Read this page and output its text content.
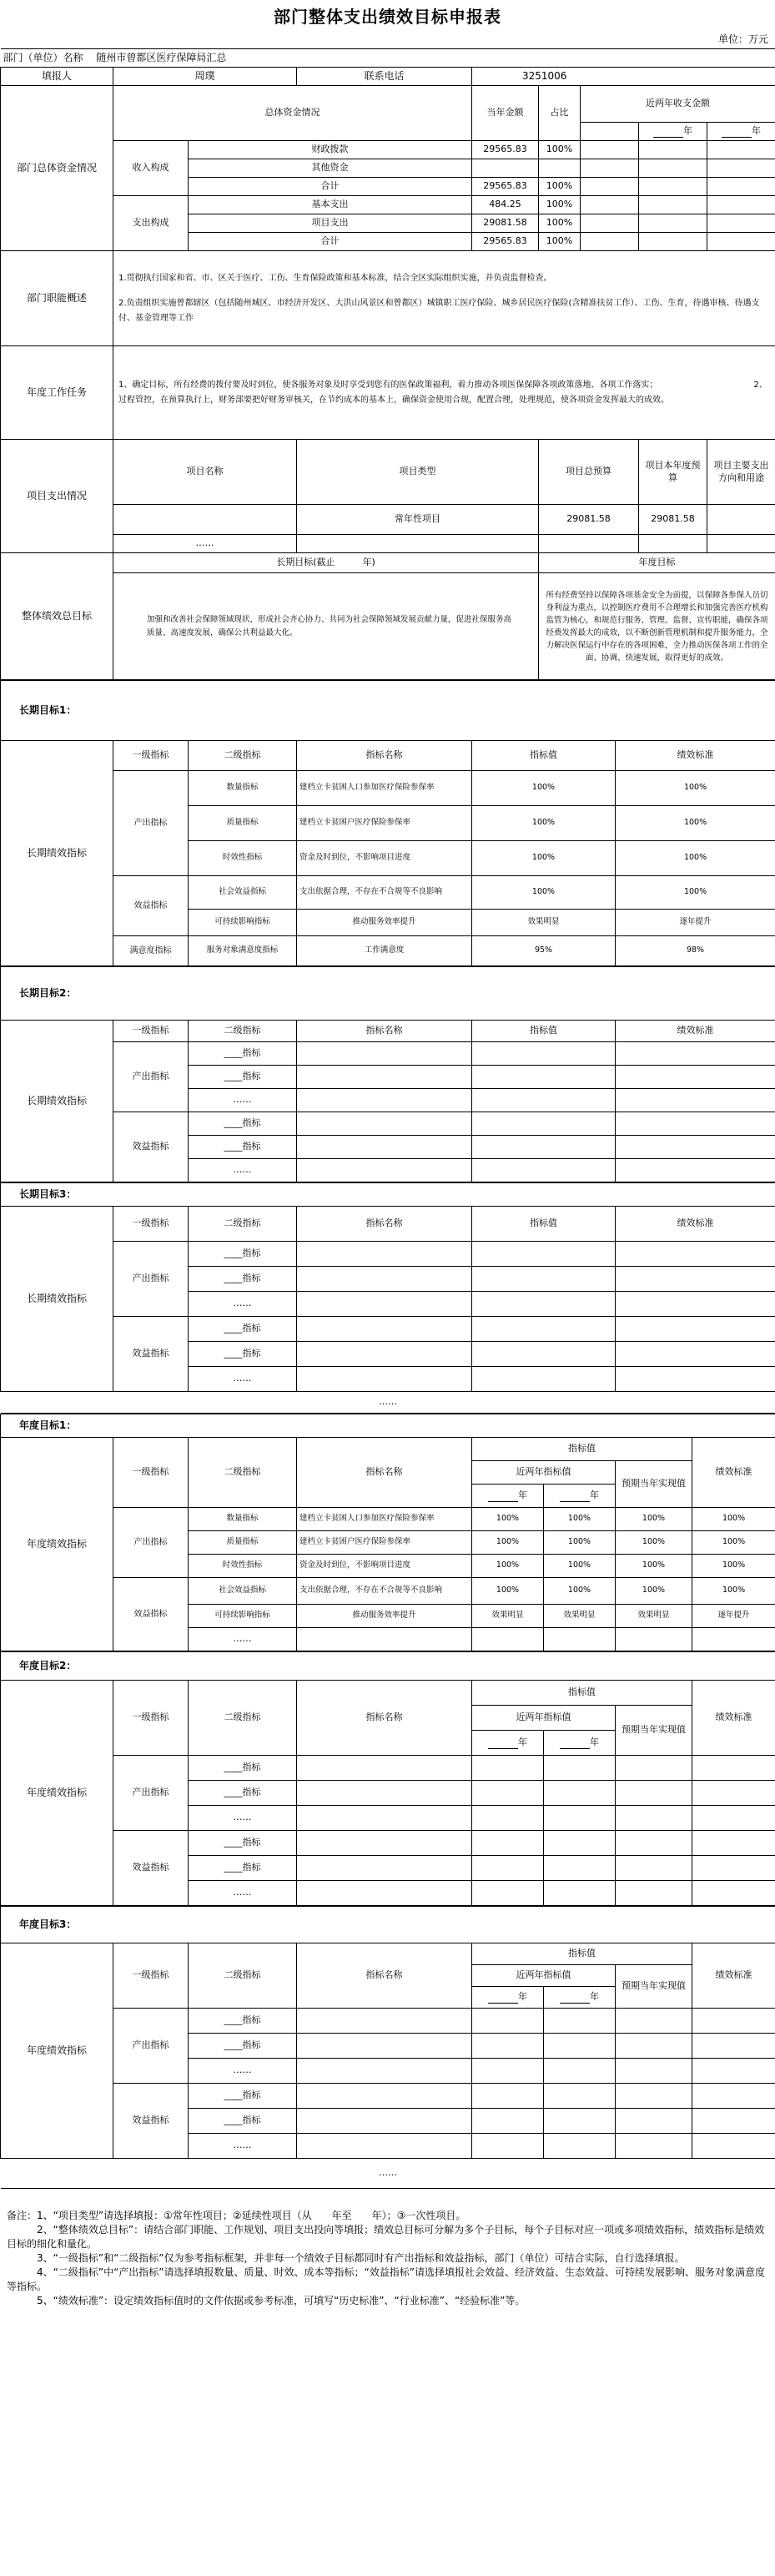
部门整体支出绩效目标申报表
单位：万元
部门（单位）名称　 随州市曾都区医疗保障局汇总								
填报人	周璞		联系电话	3251006				
部门总体资金情况	总体资金情况			当年金额	占比	近两年收支金额		
							年	年
	收入构成	财政拨款		29565.83	100%			
		其他资金						
		合计		29565.83	100%			
	支出构成	基本支出		484.25	100%			
		项目支出		29081.58	100%			
		合计		29565.83	100%			
部门职能概述	1.贯彻执行国家和省、市、区关于医疗、工伤、生育保险政策和基本标准，结合全区实际组织实施，并负责监督检查。

2.负责组织实施曾都辖区（包括随州城区、市经济开发区、大洪山风景区和曾都区）城镇职工医疗保险、城乡居民医疗保险(含精准扶贫工作）、工伤、生育，待遇审核、待遇支付、基金管理等工作							

年度工作任务	1、确定目标，所有经费的拨付要及时到位，使各服务对象及时享受到您有的医保政策福利，着力推动各项医保保障各项政策落地、各项工作落实；　　　　　　　　　　　　2、过程管控，在预算执行上，财务部要把好财务审核关，在节约成本的基本上，确保资金使用合规，配置合理，处理规范，使各项资金发挥最大的成效。							
项目支出情况	项目名称		项目类型		项目总预算		项目本年度预算	项目主要支出方向和用途
			常年性项目		29081.58		29081.58	
	……							
整体绩效总目标	长期目标(截止　　　年)				年度目标			
	加强和改善社会保障领域现状，形成社会齐心协力、共同为社会保障领域发展贡献力量，促进社保服务高质量、高速度发展，确保公共利益最大化。				所有经费坚持以保障各项基金安全为前提，以保障各参保人员切身利益为重点，以控制医疗费用不合理增长和加强完善医疗机构监管为核心，和规范行服务、管理、监督、宣传职能，确保各项经费发挥最大的成效，以不断创新管理机制和提升服务能力，全力解决医保运行中存在的各项困难，全力推动医保各项工作的全面、协调、快速发展，取得更好的成效。			
长期目标1：					
长期绩效指标	一级指标	二级指标	指标名称	指标值	绩效标准
	产出指标	数量指标	建档立卡贫困人口参加医疗保险参保率	100%	100%
		质量指标	建档立卡贫困户医疗保险参保率	100%	100%
		时效性指标	资金及时到位，不影响项目进度	100%	100%
	效益指标	社会效益指标	支出依据合理，不存在不合规等不良影响	100%	100%
		可持续影响指标	推动服务效率提升	效果明显	逐年提升
	满意度指标	服务对象满意度指标	工作满意度	95%	98%
长期目标2：					
长期绩效指标	一级指标	二级指标	指标名称	指标值	绩效标准
	产出指标	____指标			
		____指标			
		……			
	效益指标	____指标			
		____指标			
		……			
长期目标3：					
长期绩效指标	一级指标	二级指标	指标名称	指标值	绩效标准
	产出指标	____指标			
		____指标			
		……			
	效益指标	____指标			
		____指标			
		……			
……					
年度目标1：							
年度绩效指标	一级指标	二级指标	指标名称	指标值			绩效标准
				近两年指标值		预期当年实现值	
				年	年		
	产出指标	数量指标	建档立卡贫困人口参加医疗保险参保率	100%	100%	100%	100%
		质量指标	建档立卡贫困户医疗保险参保率	100%	100%	100%	100%
		时效性指标	资金及时到位，不影响项目进度	100%	100%	100%	100%
	效益指标	社会效益指标	支出依据合理，不存在不合规等不良影响	100%	100%	100%	100%
		可持续影响指标	推动服务效率提升	效果明显	效果明显	效果明显	逐年提升
		……					
年度目标2：							
年度绩效指标	一级指标	二级指标	指标名称	指标值			绩效标准
				近两年指标值		预期当年实现值	
				年	年		
	产出指标	____指标					
		____指标					
		……					
	效益指标	____指标					
		____指标					
		……					
年度目标3：							
年度绩效指标	一级指标	二级指标	指标名称	指标值			绩效标准
				近两年指标值		预期当年实现值	
				年	年		
	产出指标	____指标					
		____指标					
		……					
	效益指标	____指标					
		____指标					
		……					
……							

备注：1、“项目类型”请选择填报：①常年性项目；②延续性项目（从　　年至　　年）；③一次性项目。

　　　2、“整体绩效总目标”：请结合部门职能、工作规划、项目支出投向等填报；绩效总目标可分解为多个子目标，每个子目标对应一项或多项绩效指标，绩效指标是绩效目标的细化和量化。

　　　3、“一级指标”和“二级指标”仅为参考指标框架，并非每一个绩效子目标都同时有产出指标和效益指标，部门（单位）可结合实际，自行选择填报。

　　　4、“二级指标”中“产出指标”请选择填报数量、质量、时效、成本等指标；“效益指标”请选择填报社会效益、经济效益、生态效益、可持续发展影响、服务对象满意度等指标。

　　　5、“绩效标准”：设定绩效指标值时的文件依据或参考标准，可填写“历史标准”、“行业标准”、“经验标准”等。
